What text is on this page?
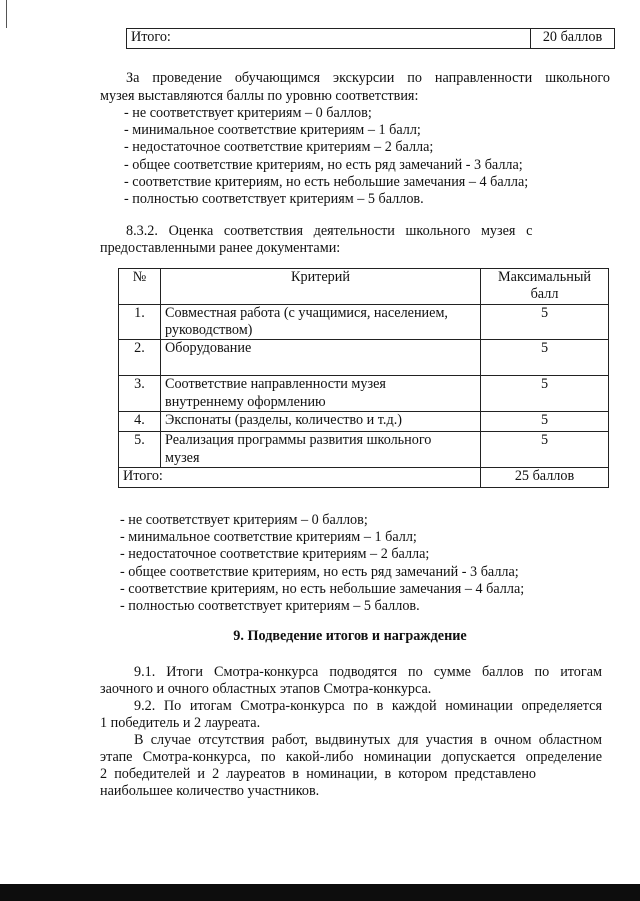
Итого:	20 баллов
За проведение обучающимся экскурсии по направленности школьного
музея выставляются баллы по уровню соответствия:
- не соответствует критериям – 0 баллов;
- минимальное соответствие критериям – 1 балл;
- недостаточное соответствие критериям – 2 балла;
- общее соответствие критериям, но есть ряд замечаний - 3 балла;
- соответствие критериям, но есть небольшие замечания – 4 балла;
- полностью соответствует критериям – 5 баллов.
8.3.2.   Оценка   соответствия   деятельности   школьного   музея   с
предоставленными ранее документами:
№	Критерий	Максимальный
балл

1.	Совместная работа (с учащимися, населением,
руководством)	5
2.	Оборудование	5
3.	Соответствие направленности музея
внутреннему оформлению	5
4.	Экспонаты (разделы, количество и т.д.)	5
5.	Реализация программы развития школьного
музея	5
Итого:		25 баллов
- не соответствует критериям – 0 баллов;
- минимальное соответствие критериям – 1 балл;
- недостаточное соответствие критериям – 2 балла;
- общее соответствие критериям, но есть ряд замечаний - 3 балла;
- соответствие критериям, но есть небольшие замечания – 4 балла;
- полностью соответствует критериям – 5 баллов.
9. Подведение итогов и награждение
9.1. Итоги Смотра-конкурса подводятся по сумме баллов по итогам
заочного и очного областных этапов Смотра-конкурса.
9.2. По итогам Смотра-конкурса по в каждой номинации определяется
1 победитель и 2 лауреата.
В случае отсутствия работ, выдвинутых для участия в очном областном
этапе Смотра-конкурса, по какой-либо номинации допускается определение
2  победителей  и  2  лауреатов  в  номинации,  в  котором  представлено
наибольшее количество участников.
